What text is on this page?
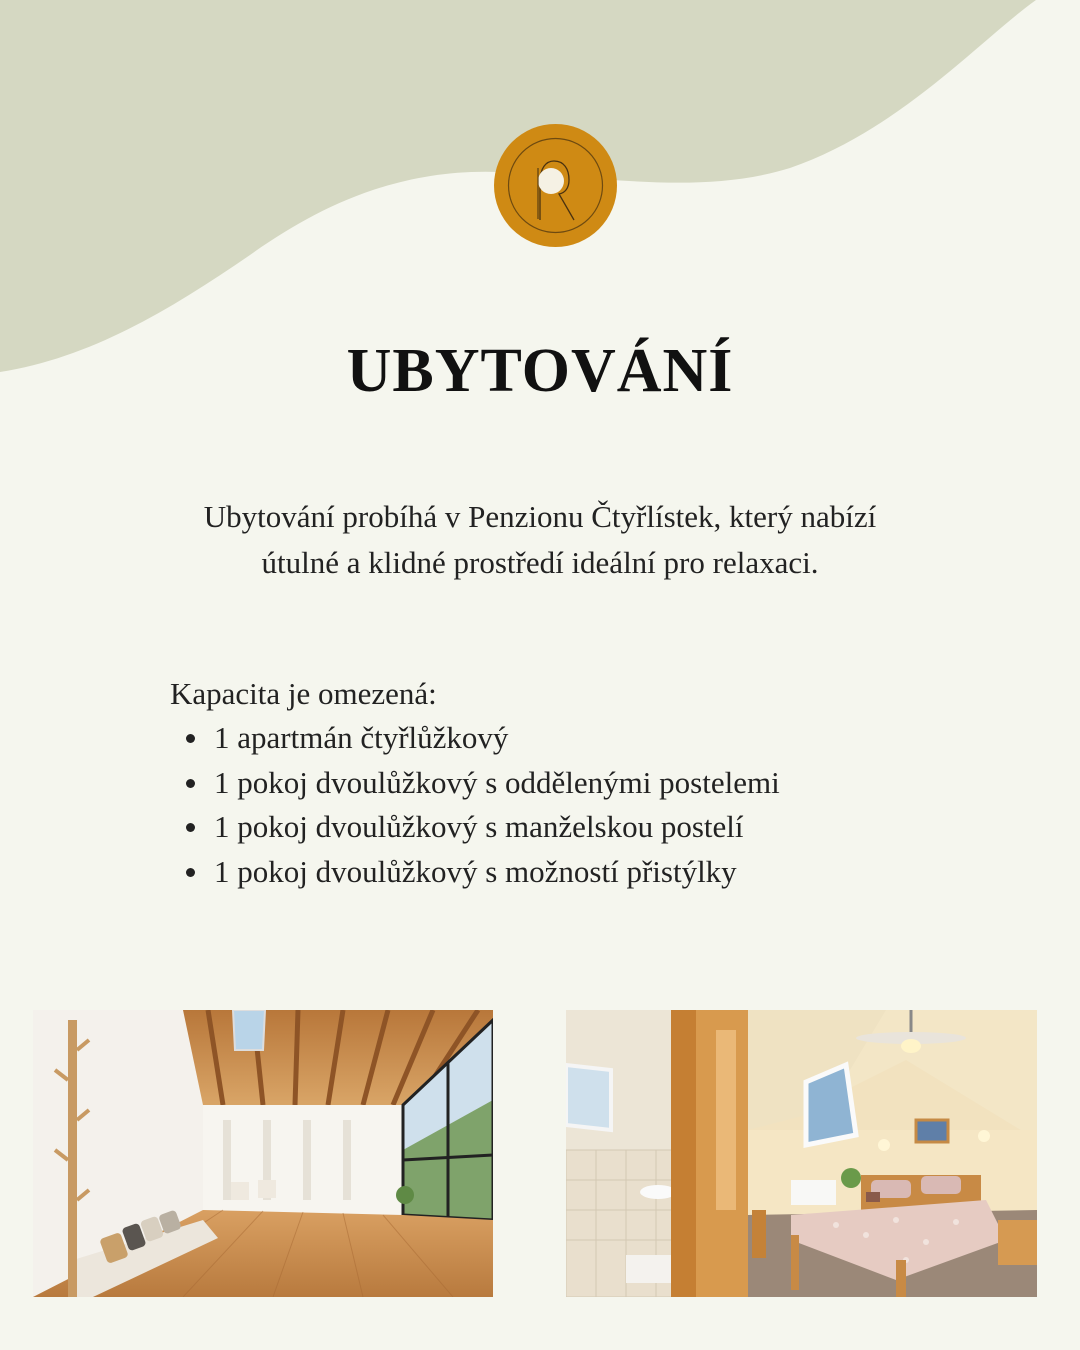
UBYTOVÁNÍ

Ubytování probíhá v Penzionu Čtyřlístek, který nabízí
útulné a klidné prostředí ideální pro relaxaci.

Kapacita je omezená:
1 apartmán čtyřlůžkový
1 pokoj dvoulůžkový s oddělenými postelemi
1 pokoj dvoulůžkový s manželskou postelí
1 pokoj dvoulůžkový s možností přistýlky
